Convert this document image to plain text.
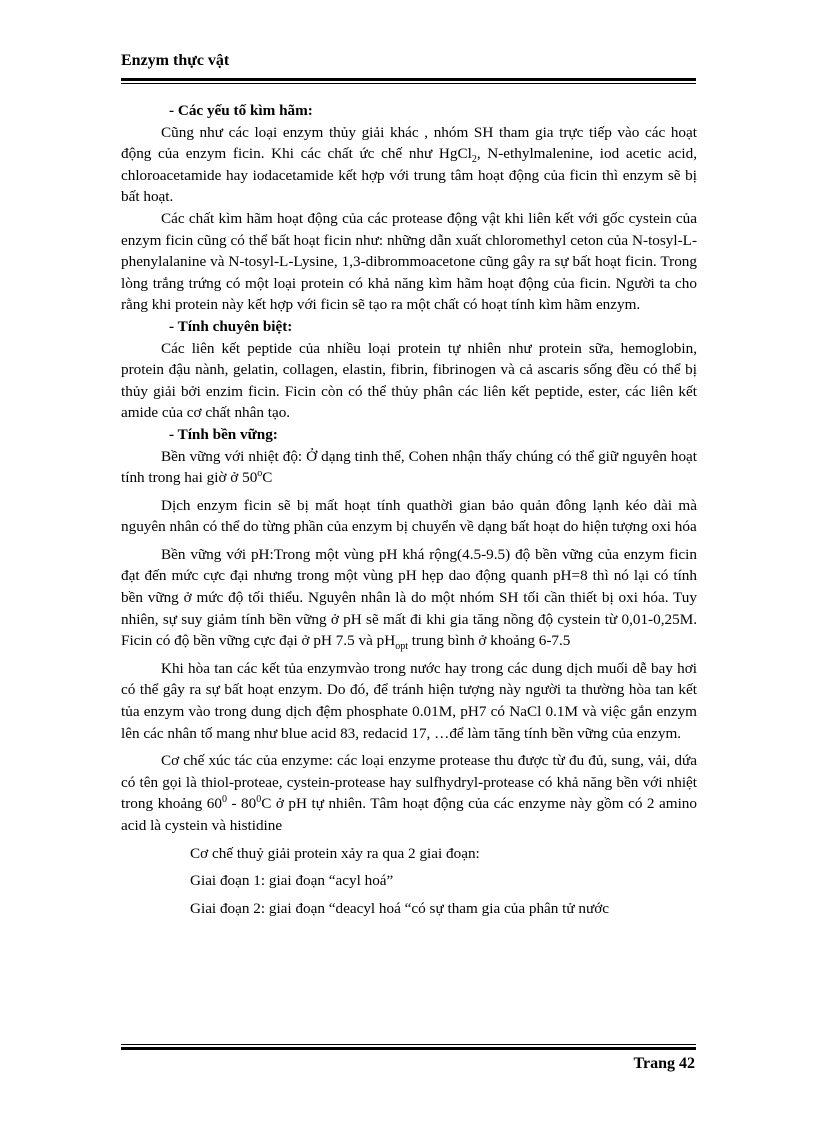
Enzym thực vật

- Các yếu tố kìm hãm:

Cũng như các loại enzym thủy giải khác , nhóm SH tham gia trực tiếp vào các hoạt động của enzym ficin. Khi các chất ức chế như HgCl$_2$, N-ethylmalenine, iod acetic acid, chloroacetamide hay iodacetamide kết hợp với trung tâm hoạt động của ficin thì enzym sẽ bị bất hoạt.

Các chất kìm hãm hoạt động của các protease động vật khi liên kết với gốc cystein của enzym ficin cũng có thể bất hoạt ficin như: những dẫn xuất chloromethyl ceton của N-tosyl-L-phenylalanine và N-tosyl-L-Lysine, 1,3-dibrommoacetone cũng gây ra sự bất hoạt ficin. Trong lòng trắng trứng có một loại protein có khả năng kìm hãm hoạt động của ficin. Người ta cho rằng khi protein này kết hợp với ficin sẽ tạo ra một chất có hoạt tính kìm hãm enzym.

- Tính chuyên biệt:

Các liên kết peptide của nhiều loại protein tự nhiên như protein sữa, hemoglobin, protein đậu nành, gelatin, collagen, elastin, fibrin, fibrinogen và cả ascaris sống đều có thể bị thủy giải bởi enzim ficin. Ficin còn có thể thủy phân các liên kết peptide, ester, các liên kết amide của cơ chất nhân tạo.

- Tính bền vững:

Bền vững với nhiệt độ: Ở dạng tinh thể, Cohen nhận thấy chúng có thể giữ nguyên hoạt tính trong hai giờ ở 50$^o$C

Dịch enzym ficin sẽ bị mất hoạt tính quathời gian bảo quản đông lạnh kéo dài mà nguyên nhân có thể do từng phần của enzym bị chuyển về dạng bất hoạt do hiện tượng oxi hóa

Bền vững với pH:Trong một vùng pH khá rộng(4.5-9.5) độ bền vững của enzym ficin đạt đến mức cực đại nhưng trong một vùng pH hẹp dao động quanh pH=8 thì nó lại có tính bền vững ở mức độ tối thiểu. Nguyên nhân là do một nhóm SH tối cần thiết bị oxi hóa. Tuy nhiên, sự suy giảm tính bền vững ở pH sẽ mất đi khi gia tăng nồng độ cystein từ 0,01-0,25M. Ficin có độ bền vững cực đại ở pH 7.5 và $pH_{opt}$ trung bình ở khoảng 6-7.5

Khi hòa tan các kết tủa enzymvào trong nước hay trong các dung dịch muối dễ bay hơi có thể gây ra sự bất hoạt enzym. Do đó, để tránh hiện tượng này người ta thường hòa tan kết tủa enzym vào trong dung dịch đệm phosphate 0.01M, pH7 có NaCl 0.1M và việc gắn enzym lên các nhân tố mang như blue acid 83, redacid 17, …để làm tăng tính bền vững của enzym.

Cơ chế xúc tác của enzyme: các loại enzyme protease thu được từ đu đủ, sung, vải, dứa có tên gọi là thiol-proteae, cystein-protease hay sulfhydryl-protease có khả năng bền với nhiệt trong khoảng $60^0 - 80^0C$ ở pH tự nhiên. Tâm hoạt động của các enzyme này gồm có 2 amino acid là cystein và histidine

Cơ chế thuỷ giải protein xảy ra qua 2 giai đoạn:

Giai đoạn 1: giai đoạn “acyl hoá”

Giai đoạn 2: giai đoạn “deacyl hoá “có sự tham gia của phân tử nước

Trang 42
